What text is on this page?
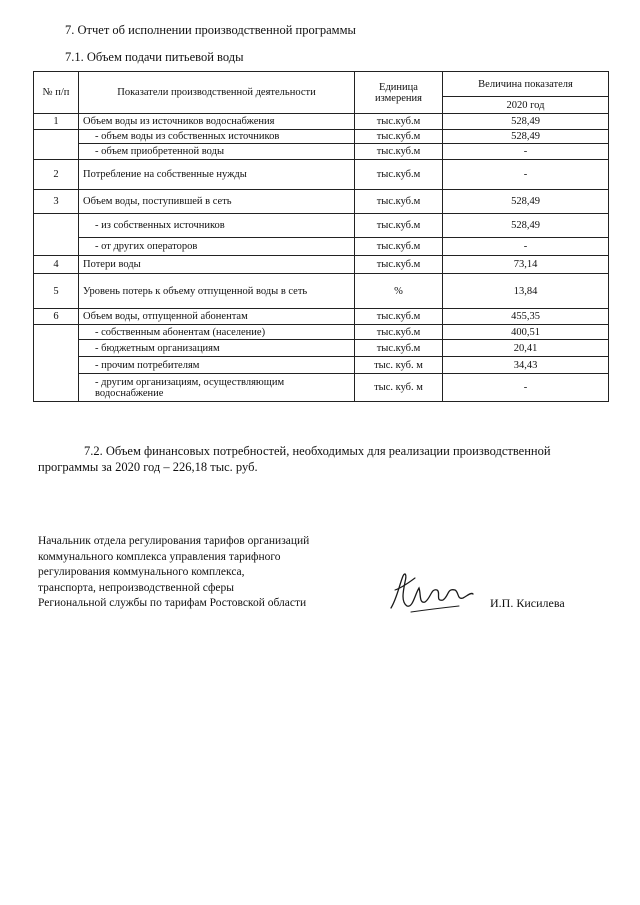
7. Отчет об исполнении производственной программы
7.1. Объем подачи питьевой воды
№ п/п	Показатели производственной деятельности	Единица измерения	Величина показателя
			2020 год
1	Объем воды из источников водоснабжения	тыс.куб.м	528,49
	- объем воды из собственных источников	тыс.куб.м	528,49
	- объем приобретенной воды	тыс.куб.м	-
2	Потребление на собственные нужды	тыс.куб.м	-
3	Объем воды, поступившей в сеть	тыс.куб.м	528,49
	- из собственных источников	тыс.куб.м	528,49
	- от других операторов	тыс.куб.м	-
4	Потери воды	тыс.куб.м	73,14
5	Уровень потерь к объему отпущенной воды в сеть	%	13,84
6	Объем воды, отпущенной абонентам	тыс.куб.м	455,35
	- собственным абонентам (население)	тыс.куб.м	400,51
	- бюджетным организациям	тыс.куб.м	20,41
	- прочим потребителям	тыс. куб. м	34,43
	- другим организациям, осуществляющим водоснабжение	тыс. куб. м	-
7.2. Объем финансовых потребностей, необходимых для реализации производственной
программы за 2020 год – 226,18 тыс. руб.
Начальник отдела регулирования тарифов организаций
коммунального комплекса управления тарифного
регулирования коммунального комплекса,
транспорта, непроизводственной сферы
Региональной службы по тарифам Ростовской области	И.П. Кисилева
